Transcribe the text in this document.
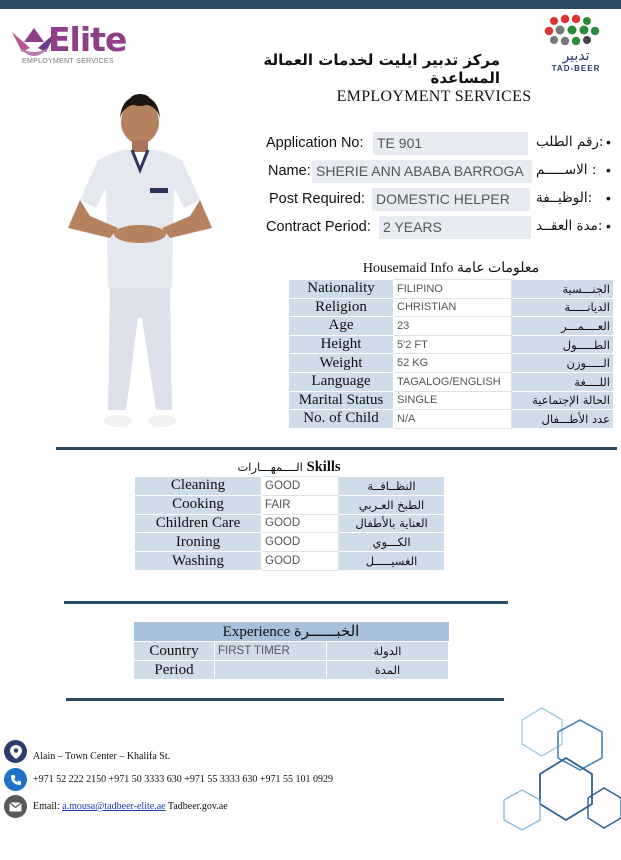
Elite
EMPLOYMENT SERVICES	تدبير
TAD-BEER
مركز تدبير ايليت لخدمات العمالة المساعدة
EMPLOYMENT SERVICES
Application No: TE 901	رقم الطلب: •
Name: SHERIE ANN ABABA BARROGA الاســـــم : •
Post Required: DOMESTIC HELPER	الوظيــفة: •
Contract Period: 2 YEARS	مدة العقــد: •
Housemaid Info معلومات عامة
Nationality	FILIPINO	الجنـــسية
Religion	CHRISTIAN	الديانـــــة
Age	23	العــــمـــر
Height	5'2 FT	الطـــــول
Weight	52 KG	الـــــوزن
Language	TAGALOG/ENGLISH	اللــــغة
Marital Status	SINGLE	الحالة الإجتماعية
No. of Child	N/A	عدد الأطـــفال
الــــمهـــارات Skills
Cleaning	GOOD	النظــافــة
Cooking	FAIR	الطبخ العـربي
Children Care	GOOD	العناية بالأطفال
Ironing	GOOD	الكـــوي
Washing	GOOD	الغسيـــــل
Experience الخبــــــرة		
Country	FIRST TIMER	الدولة
Period		المدة
Alain – Town Center – Khalifa St.
+971 52 222 2150 +971 50 3333 630 +971 55 3333 630 +971 55 101 0929
Email: a.mousa@tadbeer-elite.ae Tadbeer.gov.ae
